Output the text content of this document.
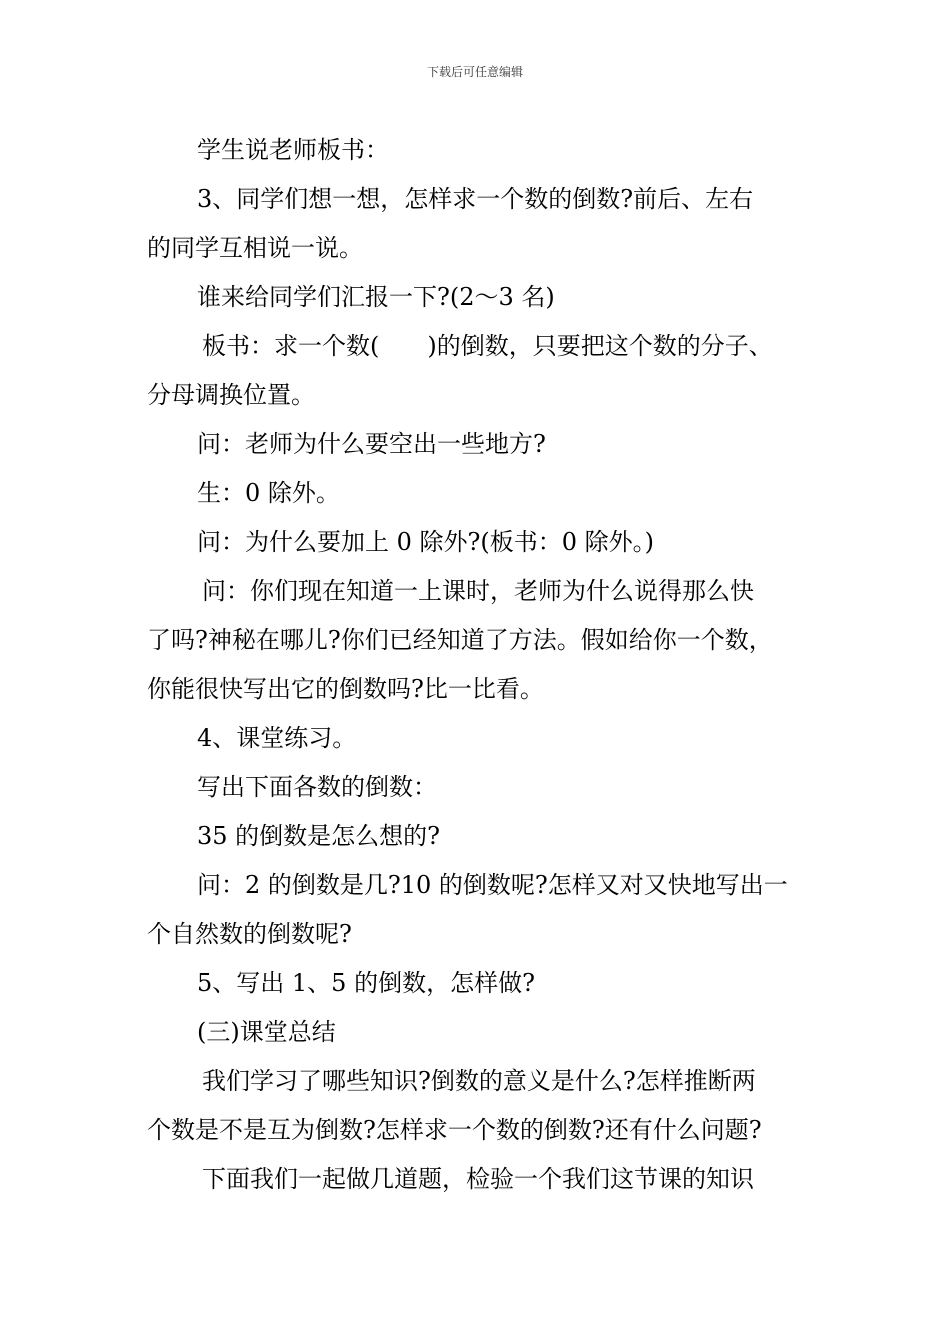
下载后可任意编辑

学生说老师板书：

3、同学们想一想，怎样求一个数的倒数?前后、左右

的同学互相说一说。

谁来给同学们汇报一下?(2～3 名)

板书：求一个数(　　)的倒数，只要把这个数的分子、

分母调换位置。

问：老师为什么要空出一些地方?

生：0 除外。

问：为什么要加上 0 除外?(板书：0 除外。)

问：你们现在知道一上课时，老师为什么说得那么快

了吗?神秘在哪儿?你们已经知道了方法。假如给你一个数，

你能很快写出它的倒数吗?比一比看。

4、课堂练习。

写出下面各数的倒数：

35 的倒数是怎么想的?

问：2 的倒数是几?10 的倒数呢?怎样又对又快地写出一

个自然数的倒数呢?

5、写出 1、5 的倒数，怎样做?

(三)课堂总结

我们学习了哪些知识?倒数的意义是什么?怎样推断两

个数是不是互为倒数?怎样求一个数的倒数?还有什么问题?

下面我们一起做几道题，检验一个我们这节课的知识
